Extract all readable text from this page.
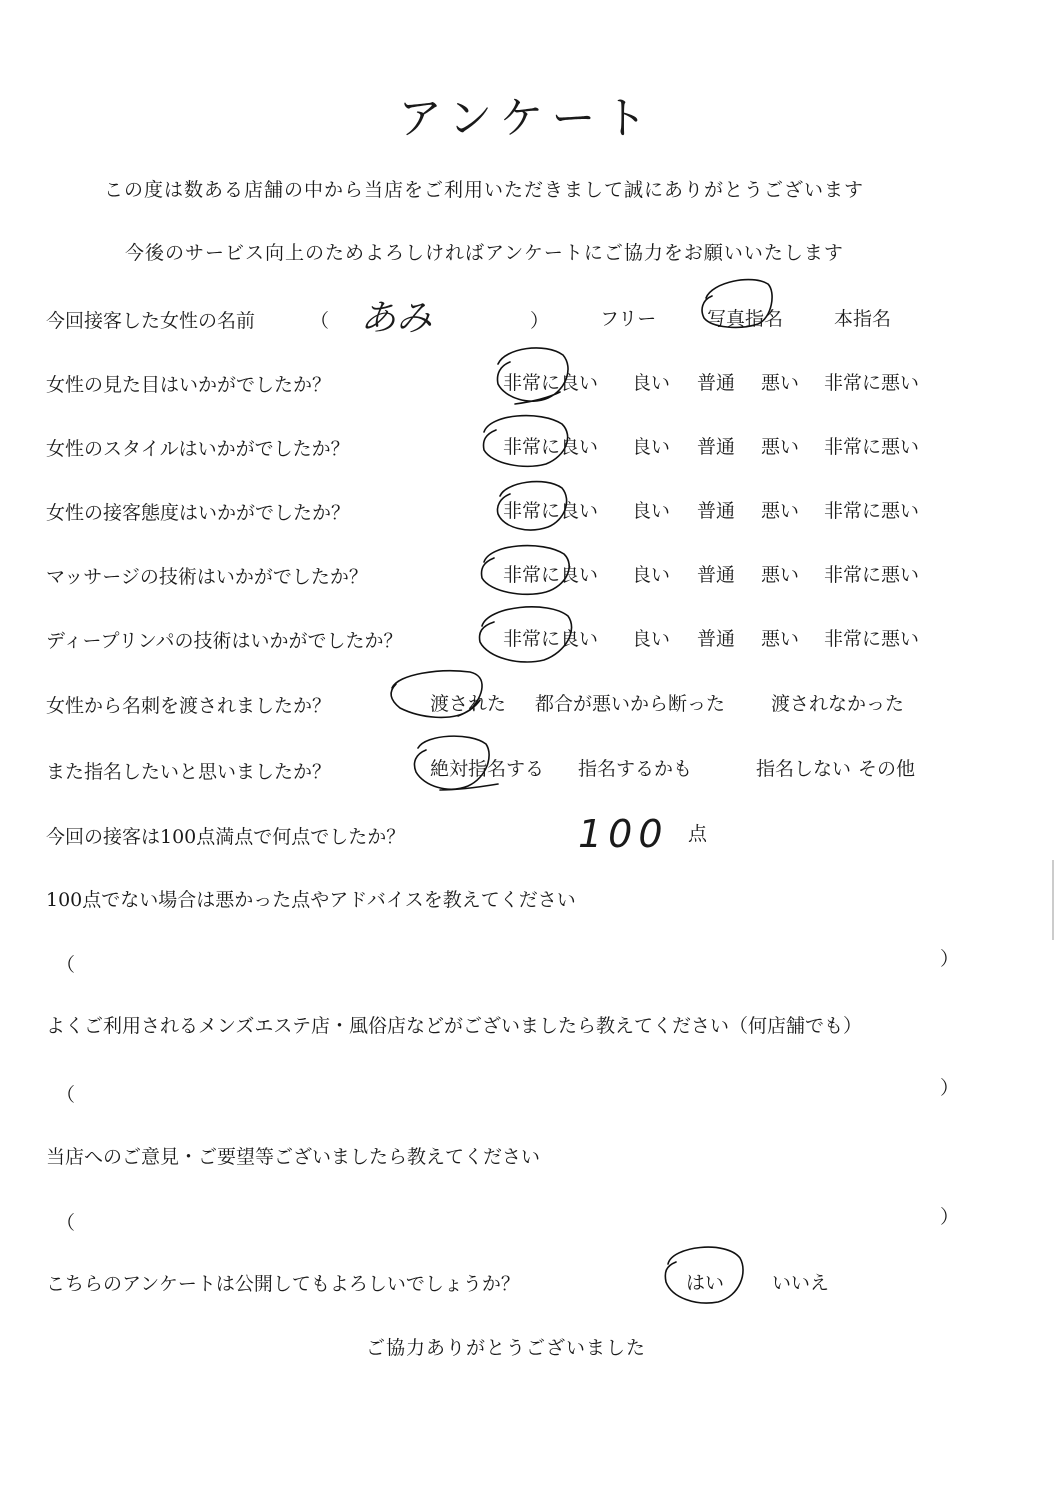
アンケート
この度は数ある店舗の中から当店をご利用いただきまして誠にありがとうございます
今後のサービス向上のためよろしければアンケートにご協力をお願いいたします
今回接客した女性の名前	（ あみ	）	フリー	写真指名	本指名
女性の見た目はいかがでしたか？	非常に良い 良い 普通 悪い 非常に悪い
女性のスタイルはいかがでしたか？	非常に良い 良い 普通 悪い 非常に悪い
女性の接客態度はいかがでしたか？	非常に良い 良い 普通 悪い 非常に悪い
マッサージの技術はいかがでしたか？	非常に良い 良い 普通 悪い 非常に悪い
ディープリンパの技術はいかがでしたか？	非常に良い 良い 普通 悪い 非常に悪い
女性から名刺を渡されましたか？	渡された 都合が悪いから断った 渡されなかった
また指名したいと思いましたか？	絶対指名する 指名するかも	指名しない その他
今回の接客は100点満点で何点でしたか？	100 点
100点でない場合は悪かった点やアドバイスを教えてください
（	）
よくご利用されるメンズエステ店・風俗店などがございましたら教えてください（何店舗でも）
（	）
当店へのご意見・ご要望等ございましたら教えてください
（	）
こちらのアンケートは公開してもよろしいでしょうか？	はい	いいえ
ご協力ありがとうございました
